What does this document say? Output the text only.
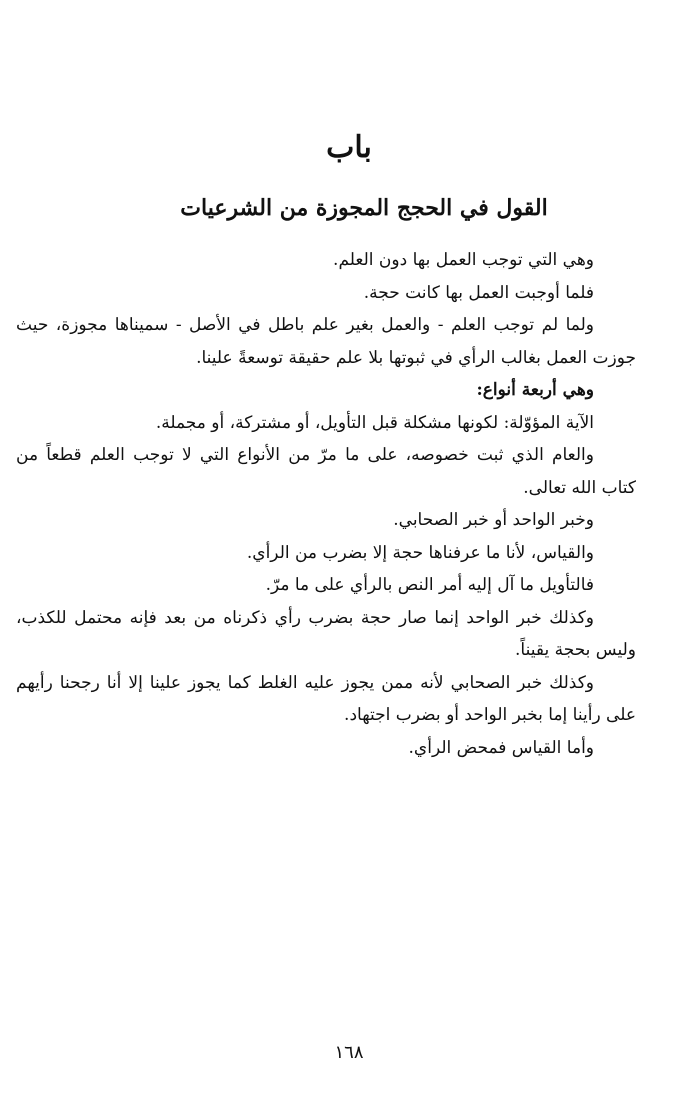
باب
القول في الحجج المجوزة من الشرعيات

وهي التي توجب العمل بها دون العلم.

فلما أوجبت العمل بها كانت حجة.

ولما لم توجب العلم - والعمل بغير علم باطل في الأصل - سميناها مجوزة، حيث جوزت العمل بغالب الرأي في ثبوتها بلا علم حقيقة توسعةً علينا.

وهي أربعة أنواع:

الآية المؤوّلة: لكونها مشكلة قبل التأويل، أو مشتركة، أو مجملة.

والعام الذي ثبت خصوصه، على ما مرّ من الأنواع التي لا توجب العلم قطعاً من كتاب الله تعالى.

وخبر الواحد أو خبر الصحابي.

والقياس، لأنا ما عرفناها حجة إلا بضرب من الرأي.

فالتأويل ما آل إليه أمر النص بالرأي على ما مرّ.

وكذلك خبر الواحد إنما صار حجة بضرب رأي ذكرناه من بعد فإنه محتمل للكذب، وليس بحجة يقيناً.

وكذلك خبر الصحابي لأنه ممن يجوز عليه الغلط كما يجوز علينا إلا أنا رجحنا رأيهم على رأينا إما بخبر الواحد أو بضرب اجتهاد.

وأما القياس فمحض الرأي.

١٦٨
